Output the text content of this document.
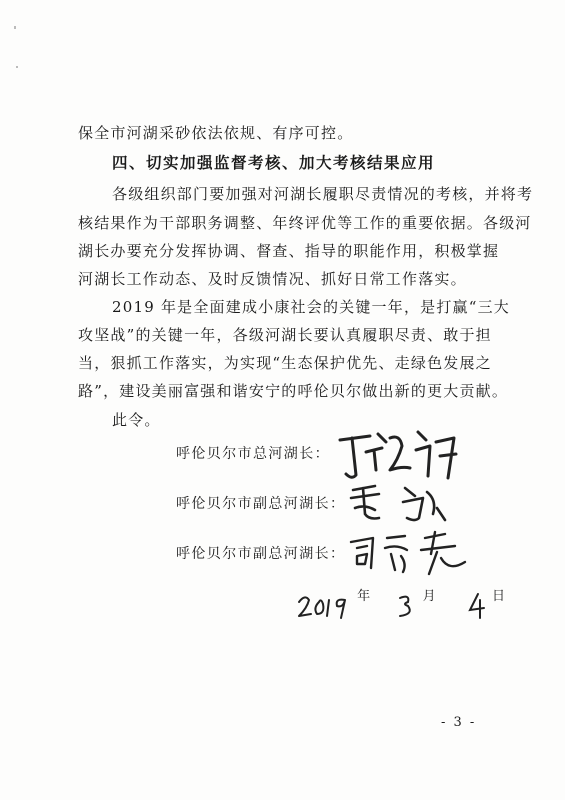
保全市河湖采砂依法依规、有序可控。
四、切实加强监督考核、加大考核结果应用
各级组织部门要加强对河湖长履职尽责情况的考核，并将考
核结果作为干部职务调整、年终评优等工作的重要依据。各级河
湖长办要充分发挥协调、督查、指导的职能作用，积极掌握
河湖长工作动态、及时反馈情况、抓好日常工作落实。
2019 年是全面建成小康社会的关键一年，是打赢“三大
攻坚战”的关键一年，各级河湖长要认真履职尽责、敢于担
当，狠抓工作落实，为实现“生态保护优先、走绿色发展之
路”，建设美丽富强和谐安宁的呼伦贝尔做出新的更大贡献。
此令。
呼伦贝尔市总河湖长：
呼伦贝尔市副总河湖长：
呼伦贝尔市副总河湖长：
年	月	日
- 3 -
